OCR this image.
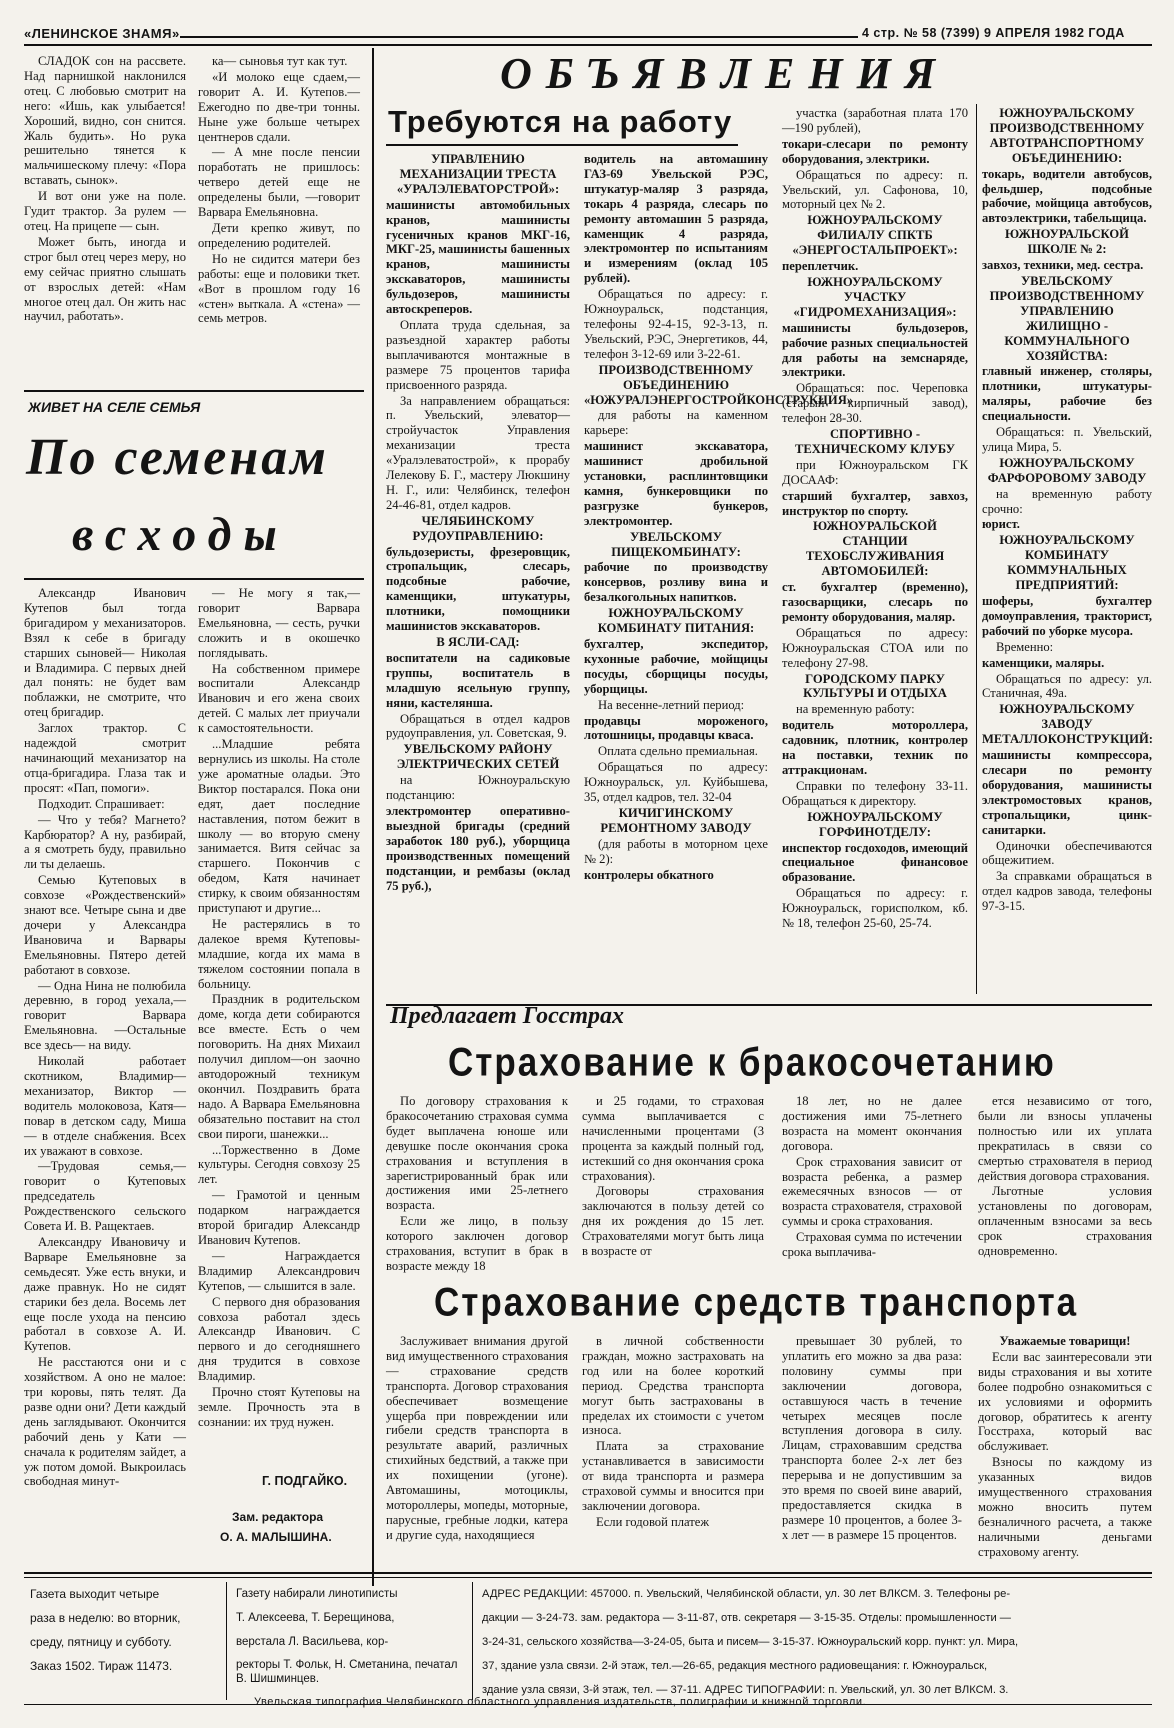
«ЛЕНИНСКОЕ ЗНАМЯ»	4 стр. № 58 (7399) 9 АПРЕЛЯ 1982 ГОДА

СЛАДОК сон на рассвете. Над парнишкой наклонился отец. С любовью смотрит на него: «Ишь, как улыбается! Хороший, видно, сон снится. Жаль будить». Но рука решительно тянется к мальчишескому плечу: «Пора вставать, сынок».

И вот они уже на поле. Гудит трактор. За рулем — отец. На прицепе — сын.

Может быть, иногда и строг был отец через меру, но ему сейчас приятно слышать от взрослых детей: «Нам многое отец дал. Он жить нас научил, работать».

ка— сыновья тут как тут.

«И молоко еще сдаем,—говорит А. И. Кутепов.— Ежегодно по две-три тонны. Ныне уже больше четырех центнеров сдали.

— А мне после пенсии поработать не пришлось: четверо детей еще не определены были, —говорит Варвара Емельяновна.

Дети крепко живут, по определению родителей.

Но не сидится матери без работы: еще и половики ткет. «Вот в прошлом году 16 «стен» выткала. А «стена» — семь метров.

ЖИВЕТ НА СЕЛЕ СЕМЬЯ
По семенам
всходы

Александр Иванович Кутепов был тогда бригадиром у механизаторов. Взял к себе в бригаду старших сыновей— Николая и Владимира. С первых дней дал понять: не будет вам поблажки, не смотрите, что отец бригадир.

Заглох трактор. С надеждой смотрит начинающий механизатор на отца-бригадира. Глаза так и просят: «Пап, помоги».

Подходит. Спрашивает:

— Что у тебя? Магнето? Карбюратор? А ну, разбирай, а я смотреть буду, правильно ли ты делаешь.

Семью Кутеповых в совхозе «Рождественский» знают все. Четыре сына и две дочери у Александра Ивановича и Варвары Емельяновны. Пятеро детей работают в совхозе.

— Одна Нина не полюбила деревню, в город уехала,— говорит Варвара Емельяновна. —Остальные все здесь— на виду.

Николай работает скотником, Владимир— механизатор, Виктор —водитель молоковоза, Катя— повар в детском саду, Миша— в отделе снабжения. Всех их уважают в совхозе.

—Трудовая семья,— говорит о Кутеповых председатель Рождественского сельского Совета И. В. Ращектаев.

Александру Ивановичу и Варваре Емельяновне за семьдесят. Уже есть внуки, и даже правнук. Но не сидят старики без дела. Восемь лет еще после ухода на пенсию работал в совхозе А. И. Кутепов.

Не расстаются они и с хозяйством. А оно не малое: три коровы, пять телят. Да разве одни они? Дети каждый день заглядывают. Окончится рабочий день у Кати — сначала к родителям зайдет, а уж потом домой. Выкроилась свободная минут-

— Не могу я так,— говорит Варвара Емельяновна, — сесть, ручки сложить и в окошечко поглядывать.

На собственном примере воспитали Александр Иванович и его жена своих детей. С малых лет приучали к самостоятельности.

...Младшие ребята вернулись из школы. На столе уже ароматные оладьи. Это Виктор постарался. Пока они едят, дает последние наставления, потом бежит в школу — во вторую смену занимается. Витя сейчас за старшего. Покончив с обедом, Катя начинает стирку, к своим обязанностям приступают и другие...

Не растерялись в то далекое время Кутеповы-младшие, когда их мама в тяжелом состоянии попала в больницу.

Праздник в родительском доме, когда дети собираются все вместе. Есть о чем поговорить. На днях Михаил получил диплом—он заочно автодорожный техникум окончил. Поздравить брата надо. А Варвара Емельяновна обязательно поставит на стол свои пироги, шанежки...

...Торжественно в Доме культуры. Сегодня совхозу 25 лет.

— Грамотой и ценным подарком награждается второй бригадир Александр Иванович Кутепов.

— Награждается Владимир Александрович Кутепов, — слышится в зале.

С первого дня образования совхоза работал здесь Александр Иванович. С первого и до сегодняшнего дня трудится в совхозе Владимир.

Прочно стоят Кутеповы на земле. Прочность эта в сознании: их труд нужен.

Г. ПОДГАЙКО.
Зам. редактора
О. А. МАЛЫШИНА.
ОБЪЯВЛЕНИЯ
Требуются на работу

УПРАВЛЕНИЮ МЕХАНИЗАЦИИ ТРЕСТА «УРАЛЭЛЕВАТОРСТРОЙ»:

машинисты автомобильных кранов, машинисты гусеничных кранов МКГ-16, МКГ-25, машинисты башенных кранов, машинисты экскаваторов, машинисты бульдозеров, машинисты автоскреперов.

Оплата труда сдельная, за разъездной характер работы выплачиваются монтажные в размере 75 процентов тарифа присвоенного разряда.

За направлением обращаться: п. Увельский, элеватор—стройучасток Управления механизации треста «Уралэлеватострой», к прорабу Лелекову Б. Г., мастеру Люкшину Н. Г., или: Челябинск, телефон 24-46-81, отдел кадров.

ЧЕЛЯБИНСКОМУ РУДОУПРАВЛЕНИЮ:

бульдозеристы, фрезеровщик, стропальщик, слесарь, подсобные рабочие, каменщики, штукатуры, плотники, помощники машинистов экскаваторов.

В ЯСЛИ-САД:

воспитатели на садиковые группы, воспитатель в младшую ясельную группу, няни, кастелянша.

Обращаться в отдел кадров рудоуправления, ул. Советская, 9.

УВЕЛЬСКОМУ РАЙОНУ ЭЛЕКТРИЧЕСКИХ СЕТЕЙ

на Южноуральскую подстанцию:

электромонтер оперативно-выездной бригады (средний заработок 180 руб.), уборщица производственных помещений подстанции, и рембазы (оклад 75 руб.),

водитель на автомашину ГАЗ-69 Увельской РЭС, штукатур-маляр 3 разряда, токарь 4 разряда, слесарь по ремонту автомашин 5 разряда, каменщик 4 разряда, электромонтер по испытаниям и измерениям (оклад 105 рублей).

Обращаться по адресу: г. Южноуральск, подстанция, телефоны 92-4-15, 92-3-13, п. Увельский, РЭС, Энергетиков, 44, телефон 3-12-69 или 3-22-61.

ПРОИЗВОДСТВЕННОМУ ОБЪЕДИНЕНИЮ «ЮЖУРАЛЭНЕРГОСТРОЙКОНСТРУКЦИЯ»

для работы на каменном карьере:

машинист экскаватора, машинист дробильной установки, расплинтовщики камня, бункеровщики по разгрузке бункеров, электромонтер.

УВЕЛЬСКОМУ ПИЩЕКОМБИНАТУ:

рабочие по производству консервов, розливу вина и безалкогольных напитков.

ЮЖНОУРАЛЬСКОМУ КОМБИНАТУ ПИТАНИЯ:

бухгалтер, экспедитор, кухонные рабочие, мойщицы посуды, сборщицы посуды, уборщицы.

На весенне-летний период:

продавцы мороженого, лотошницы, продавцы кваса.

Оплата сдельно премиальная.

Обращаться по адресу: Южноуральск, ул. Куйбышева, 35, отдел кадров, тел. 32-04

КИЧИГИНСКОМУ РЕМОНТНОМУ ЗАВОДУ

(для работы в моторном цехе № 2):

контролеры обкатного

участка (заработная плата 170—190 рублей),

токари-слесари по ремонту оборудования, электрики.

Обращаться по адресу: п. Увельский, ул. Сафонова, 10, моторный цех № 2.

ЮЖНОУРАЛЬСКОМУ ФИЛИАЛУ СПКТБ «ЭНЕРГОСТАЛЬПРОЕКТ»:

переплетчик.

ЮЖНОУРАЛЬСКОМУ УЧАСТКУ «ГИДРОМЕХАНИЗАЦИЯ»:

машинисты бульдозеров, рабочие разных специальностей для работы на земснаряде, электрики.

Обращаться: пос. Череповка (старый кирпичный завод), телефон 28-30.

СПОРТИВНО - ТЕХНИЧЕСКОМУ КЛУБУ

при Южноуральском ГК ДОСААФ:

старший бухгалтер, завхоз, инструктор по спорту.

ЮЖНОУРАЛЬСКОЙ СТАНЦИИ ТЕХОБСЛУЖИВАНИЯ АВТОМОБИЛЕЙ:

ст. бухгалтер (временно), газосварщики, слесарь по ремонту оборудования, маляр.

Обращаться по адресу: Южноуральская СТОА или по телефону 27-98.

ГОРОДСКОМУ ПАРКУ КУЛЬТУРЫ И ОТДЫХА

на временную работу:

водитель мотороллера, садовник, плотник, контролер на поставки, техник по аттракционам.

Справки по телефону 33-11. Обращаться к директору.

ЮЖНОУРАЛЬСКОМУ ГОРФИНОТДЕЛУ:

инспектор госдоходов, имеющий специальное финансовое образование.

Обращаться по адресу: г. Южноуральск, горисполком, кб. № 18, телефон 25-60, 25-74.

ЮЖНОУРАЛЬСКОМУ ПРОИЗВОДСТВЕННОМУ АВТОТРАНСПОРТНОМУ ОБЪЕДИНЕНИЮ:

токарь, водители автобусов, фельдшер, подсобные рабочие, мойщица автобусов, автоэлектрики, табельщица.

ЮЖНОУРАЛЬСКОЙ ШКОЛЕ № 2:

завхоз, техники, мед. сестра.

УВЕЛЬСКОМУ ПРОИЗВОДСТВЕННОМУ УПРАВЛЕНИЮ ЖИЛИЩНО - КОММУНАЛЬНОГО ХОЗЯЙСТВА:

главный инженер, столяры, плотники, штукатуры-маляры, рабочие без специальности.

Обращаться: п. Увельский, улица Мира, 5.

ЮЖНОУРАЛЬСКОМУ ФАРФОРОВОМУ ЗАВОДУ

на временную работу срочно:

юрист.

ЮЖНОУРАЛЬСКОМУ КОМБИНАТУ КОММУНАЛЬНЫХ ПРЕДПРИЯТИЙ:

шоферы, бухгалтер домоуправления, тракторист, рабочий по уборке мусора.

Временно:

каменщики, маляры.

Обращаться по адресу: ул. Станичная, 49а.

ЮЖНОУРАЛЬСКОМУ ЗАВОДУ МЕТАЛЛОКОНСТРУКЦИЙ:

машинисты компрессора, слесари по ремонту оборудования, машинисты электромостовых кранов, стропальщики, цинк-санитарки.

Одиночки обеспечиваются общежитием.

За справками обращаться в отдел кадров завода, телефоны 97-3-15.

Предлагает Госстрах
Страхование к бракосочетанию

По договору страхования к бракосочетанию страховая сумма будет выплачена юноше или девушке после окончания срока страхования и вступления в зарегистрированный брак или достижения ими 25-летнего возраста.

Если же лицо, в пользу которого заключен договор страхования, вступит в брак в возрасте между 18

и 25 годами, то страховая сумма выплачивается с начисленными процентами (3 процента за каждый полный год, истекший со дня окончания срока страхования).

Договоры страхования заключаются в пользу детей со дня их рождения до 15 лет. Страхователями могут быть лица в возрасте от

18 лет, но не далее достижения ими 75-летнего возраста на момент окончания договора.

Срок страхования зависит от возраста ребенка, а размер ежемесячных взносов — от возраста страхователя, страховой суммы и срока страхования.

Страховая сумма по истечении срока выплачива-

ется независимо от того, были ли взносы уплачены полностью или их уплата прекратилась в связи со смертью страхователя в период действия договора страхования.

Льготные условия установлены по договорам, оплаченным взносами за весь срок страхования одновременно.

Страхование средств транспорта

Заслуживает внимания другой вид имущественного страхования — страхование средств транспорта. Договор страхования обеспечивает возмещение ущерба при повреждении или гибели средств транспорта в результате аварий, различных стихийных бедствий, а также при их похищении (угоне). Автомашины, мотоциклы, мотороллеры, мопеды, моторные, парусные, гребные лодки, катера и другие суда, находящиеся

в личной собственности граждан, можно застраховать на год или на более короткий период. Средства транспорта могут быть застрахованы в пределах их стоимости с учетом износа.

Плата за страхование устанавливается в зависимости от вида транспорта и размера страховой суммы и вносится при заключении договора.

Если годовой платеж

превышает 30 рублей, то уплатить его можно за два раза: половину суммы при заключении договора, оставшуюся часть в течение четырех месяцев после вступления договора в силу. Лицам, страховавшим средства транспорта более 2-х лет без перерыва и не допустившим за это время по своей вине аварий, предоставляется скидка в размере 10 процентов, а более 3-х лет — в размере 15 процентов.

Уважаемые товарищи!

Если вас заинтересовали эти виды страхования и вы хотите более подробно ознакомиться с их условиями и оформить договор, обратитесь к агенту Госстраха, который вас обслуживает.

Взносы по каждому из указанных видов имущественного страхования можно вносить путем безналичного расчета, а также наличными деньгами страховому агенту.

Газета выходит четыре
раза в неделю: во вторник,
среду, пятницу и субботу.
Заказ 1502. Тираж 11473.
Газету набирали линотиписты
Т. Алексеева, Т. Берещинова,
верстала Л. Васильева, кор-
ректоры Т. Фольк, Н. Сметанина, печатал В. Шишминцев.
АДРЕС РЕДАКЦИИ: 457000. п. Увельский, Челябинской области, ул. 30 лет ВЛКСМ. 3. Телефоны ре-
дакции — 3-24-73. зам. редактора — 3-11-87, отв. секретаря — 3-15-35. Отделы: промышленности —
3-24-31, сельского хозяйства—3-24-05, быта и писем— 3-15-37. Южноуральский корр. пункт: ул. Мира,
37, здание узла связи. 2-й этаж, тел.—26-65, редакция местного радиовещания: г. Южноуральск,
здание узла связи, 3-й этаж, тел. — 37-11. АДРЕС ТИПОГРАФИИ: п. Увельский, ул. 30 лет ВЛКСМ. 3.
Увельская типография Челябинского областного управления издательств, полиграфии и книжной торговли.
